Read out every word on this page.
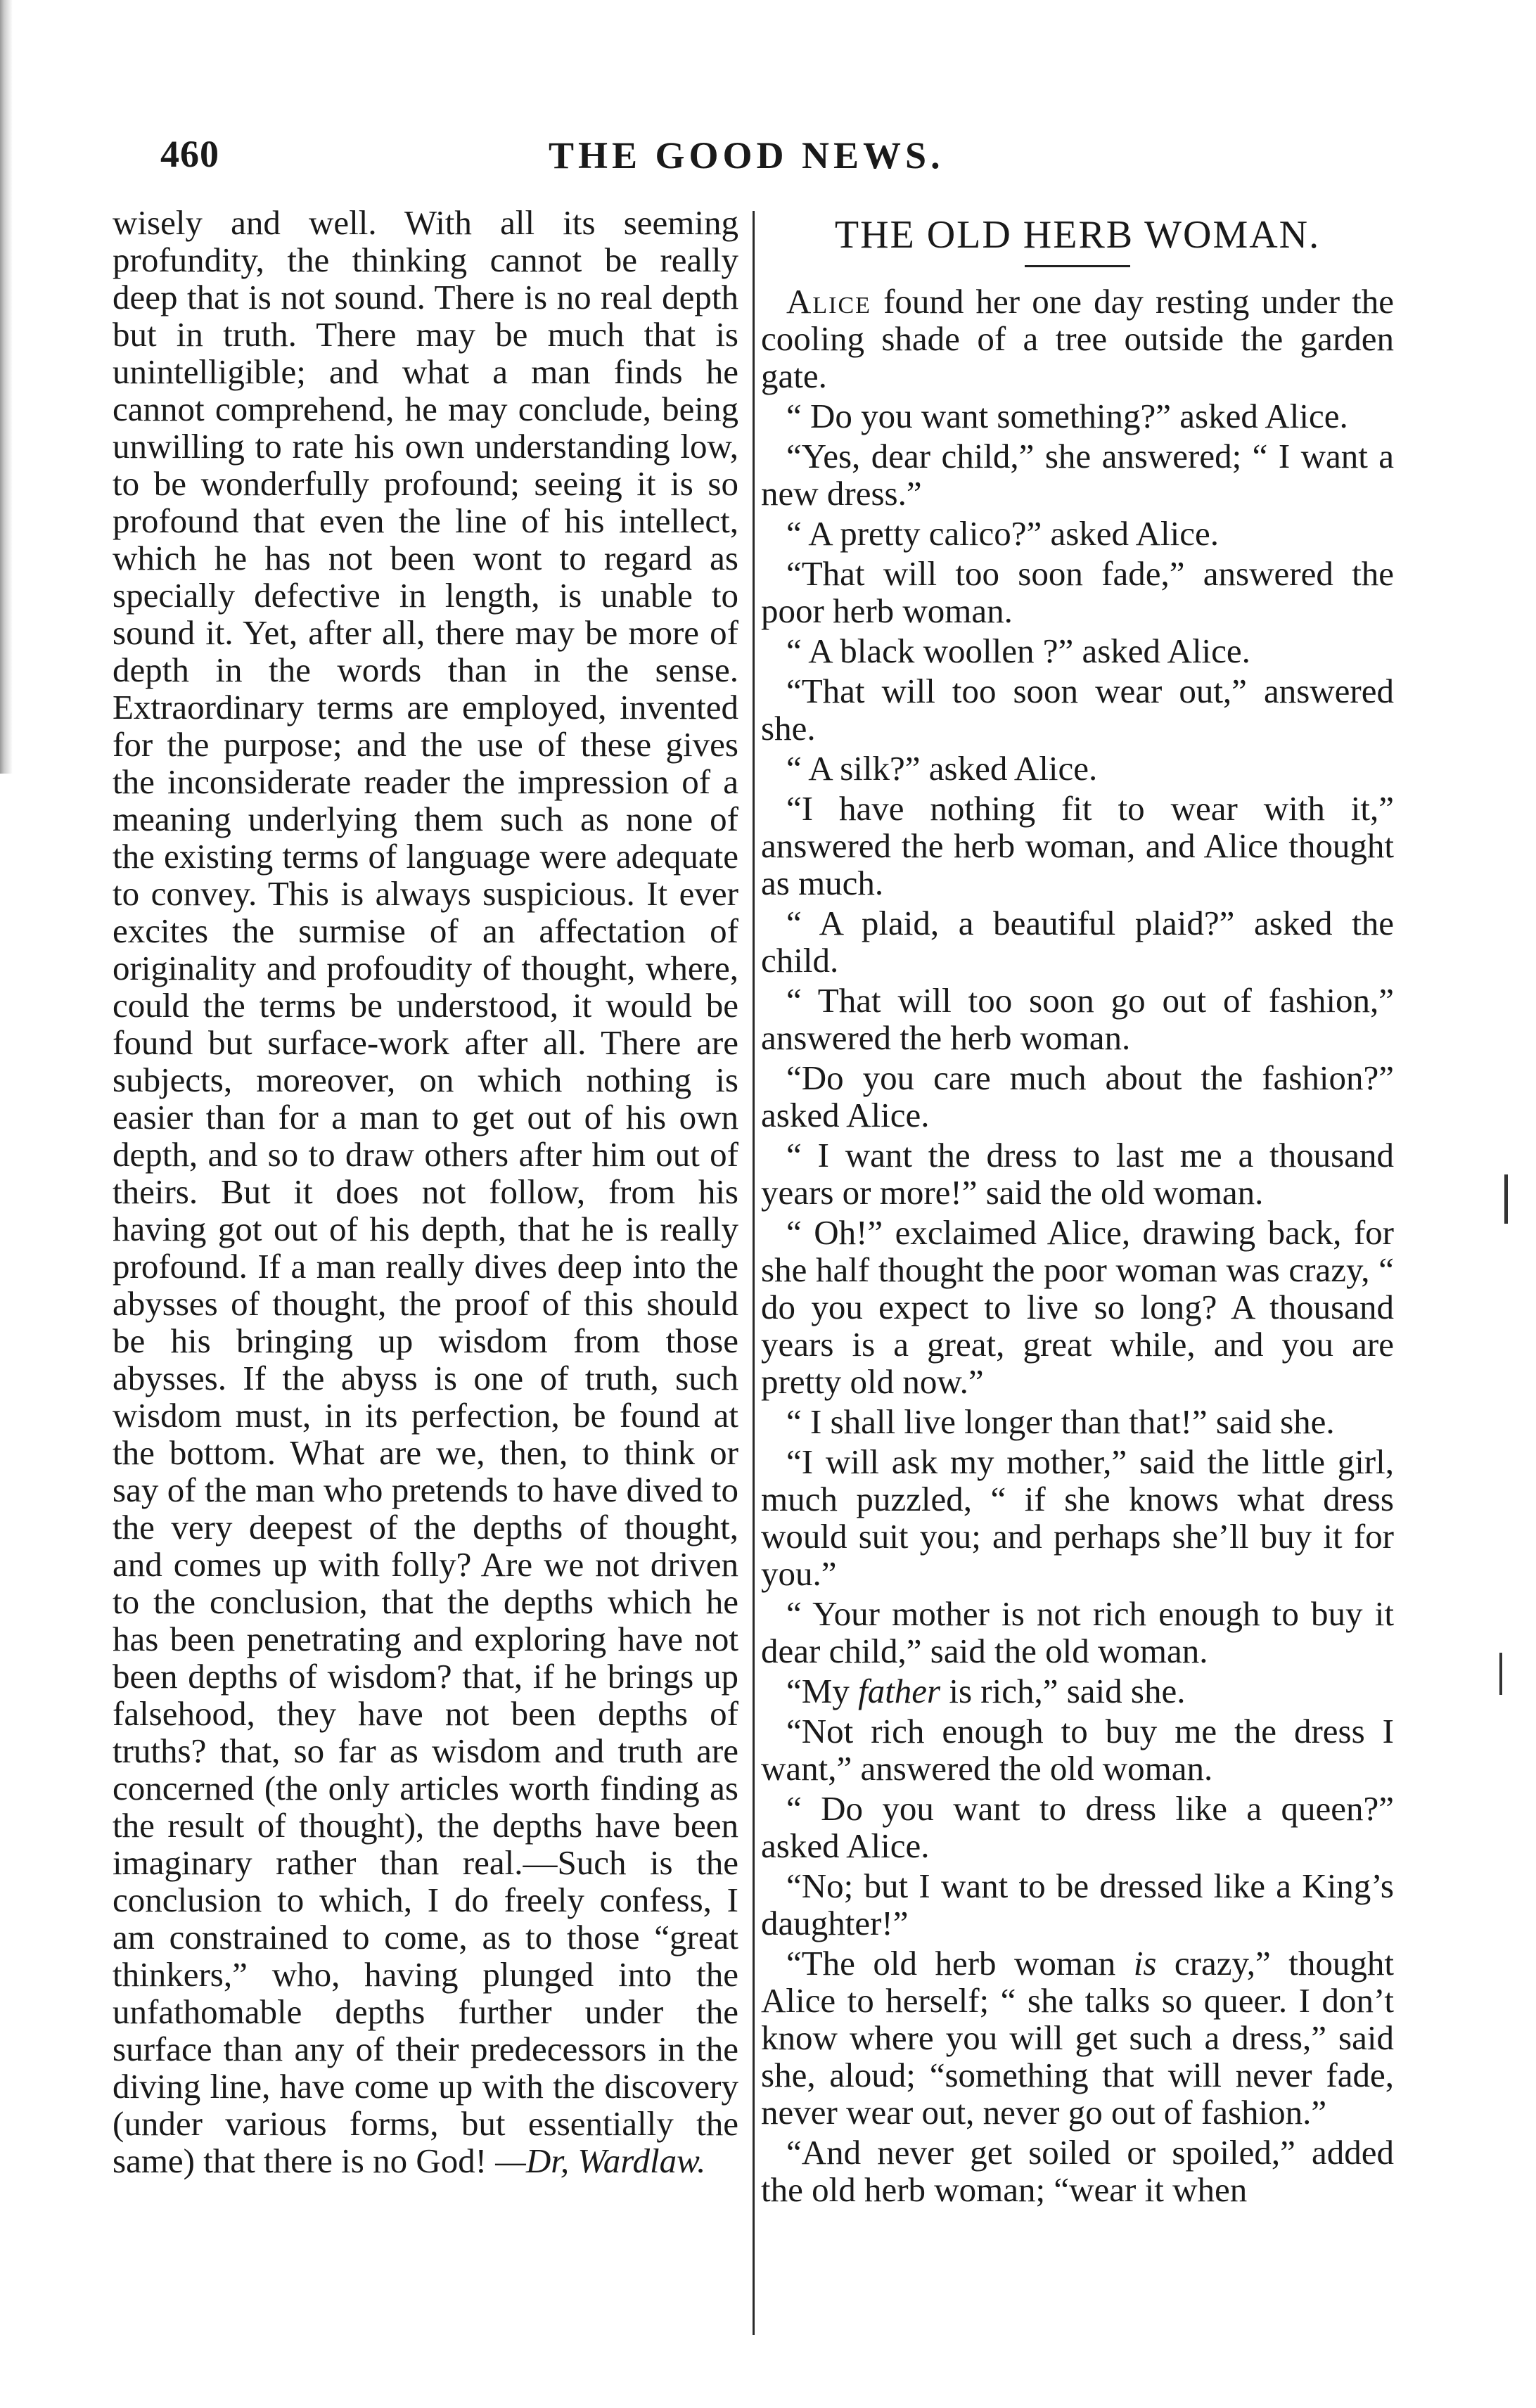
460	THE GOOD NEWS.

wisely and well. With all its seeming profundity, the thinking cannot be really deep that is not sound. There is no real depth but in truth. There may be much that is unintelligible; and what a man finds he cannot comprehend, he may conclude, being unwilling to rate his own understanding low, to be wonderfully profound; seeing it is so profound that even the line of his intellect, which he has not been wont to regard as specially defective in length, is unable to sound it. Yet, after all, there may be more of depth in the words than in the sense. Extraordinary terms are employed, invented for the purpose; and the use of these gives the inconsiderate reader the impression of a meaning underlying them such as none of the existing terms of language were adequate to convey. This is always suspicious. It ever excites the surmise of an affectation of originality and profoudity of thought, where, could the terms be understood, it would be found but surface-work after all. There are subjects, moreover, on which nothing is easier than for a man to get out of his own depth, and so to draw others after him out of theirs. But it does not follow, from his having got out of his depth, that he is really profound. If a man really dives deep into the abysses of thought, the proof of this should be his bringing up wisdom from those abysses. If the abyss is one of truth, such wisdom must, in its perfection, be found at the bottom. What are we, then, to think or say of the man who pretends to have dived to the very deepest of the depths of thought, and comes up with folly? Are we not driven to the conclusion, that the depths which he has been penetrating and exploring have not been depths of wisdom? that, if he brings up falsehood, they have not been depths of truths? that, so far as wisdom and truth are concerned (the only articles worth finding as the result of thought), the depths have been imaginary rather than real.—Such is the conclusion to which, I do freely confess, I am constrained to come, as to those “great thinkers,” who, having plunged into the unfathomable depths further under the surface than any of their predecessors in the diving line, have come up with the discovery (under various forms, but essentially the same) that there is no God! —Dr, Wardlaw.

THE OLD HERB WOMAN.

Alice found her one day resting under the cooling shade of a tree outside the garden gate.

“ Do you want something?” asked Alice.

“Yes, dear child,” she answered; “ I want a new dress.”

“ A pretty calico?” asked Alice.

“That will too soon fade,” answered the poor herb woman.

“ A black woollen ?” asked Alice.

“That will too soon wear out,” answered she.

“ A silk?” asked Alice.

“I have nothing fit to wear with it,” answered the herb woman, and Alice thought as much.

“ A plaid, a beautiful plaid?” asked the child.

“ That will too soon go out of fashion,” answered the herb woman.

“Do you care much about the fashion?” asked Alice.

“ I want the dress to last me a thousand years or more!” said the old woman.

“ Oh!” exclaimed Alice, drawing back, for she half thought the poor woman was crazy, “ do you expect to live so long? A thousand years is a great, great while, and you are pretty old now.”

“ I shall live longer than that!” said she.

“I will ask my mother,” said the little girl, much puzzled, “ if she knows what dress would suit you; and perhaps she’ll buy it for you.”

“ Your mother is not rich enough to buy it dear child,” said the old woman.

“My father is rich,” said she.

“Not rich enough to buy me the dress I want,” answered the old woman.

“ Do you want to dress like a queen?” asked Alice.

“No; but I want to be dressed like a King’s daughter!”

“The old herb woman is crazy,” thought Alice to herself; “ she talks so queer. I don’t know where you will get such a dress,” said she, aloud; “something that will never fade, never wear out, never go out of fashion.”

“And never get soiled or spoiled,” added the old herb woman; “wear it when
